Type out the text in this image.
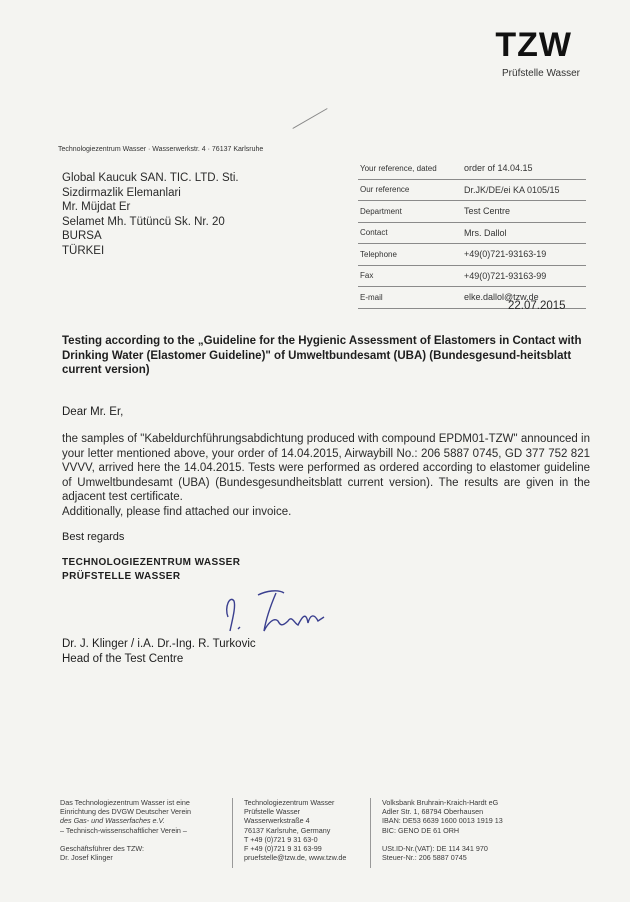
TZW
Prüfstelle Wasser
Technologiezentrum Wasser · Wasserwerkstr. 4 · 76137 Karlsruhe
Global Kaucuk SAN. TIC. LTD. Sti.
Sizdirmazlik Elemanlari
Mr. Müjdat Er
Selamet Mh. Tütüncü Sk. Nr. 20
BURSA
TÜRKEI
Your reference, dated	order of 14.04.15
Our reference	Dr.JK/DE/ei KA 0105/15
Department	Test Centre
Contact	Mrs. Dallol
Telephone	+49(0)721-93163-19
Fax	+49(0)721-93163-99
E-mail	elke.dallol@tzw.de
22.07.2015
Testing according to the „Guideline for the Hygienic Assessment of Elastomers in Contact with Drinking Water (Elastomer Guideline)" of Umweltbundesamt (UBA) (Bundesgesund-heitsblatt current version)
Dear Mr. Er,

the samples of "Kabeldurchführungsabdichtung produced with compound EPDM01-TZW" announced in your letter mentioned above, your order of 14.04.2015, Airwaybill No.: 206 5887 0745, GD 377 752 821 VVVV, arrived here the 14.04.2015. Tests were performed as ordered according to elastomer guideline of Umweltbundesamt (UBA) (Bundesgesundheitsblatt current version). The results are given in the adjacent test certificate.

Additionally, please find attached our invoice.

Best regards
TECHNOLOGIEZENTRUM WASSER
PRÜFSTELLE WASSER
Dr. J. Klinger / i.A. Dr.-Ing. R. Turkovic
Head of the Test Centre
Das Technologiezentrum Wasser ist eine
Einrichtung des DVGW Deutscher Verein
des Gas- und Wasserfaches e.V.
– Technisch-wissenschaftlicher Verein –
Geschäftsführer des TZW:
Dr. Josef Klinger
Technologiezentrum Wasser
Prüfstelle Wasser
Wasserwerkstraße 4
76137 Karlsruhe, Germany
T +49 (0)721 9 31 63-0
F +49 (0)721 9 31 63-99
pruefstelle@tzw.de, www.tzw.de
Volksbank Bruhrain-Kraich-Hardt eG
Adler Str. 1, 68794 Oberhausen
IBAN: DE53 6639 1600 0013 1919 13
BIC: GENO DE 61 ORH
USt.ID-Nr.(VAT): DE 114 341 970
Steuer-Nr.: 206 5887 0745
